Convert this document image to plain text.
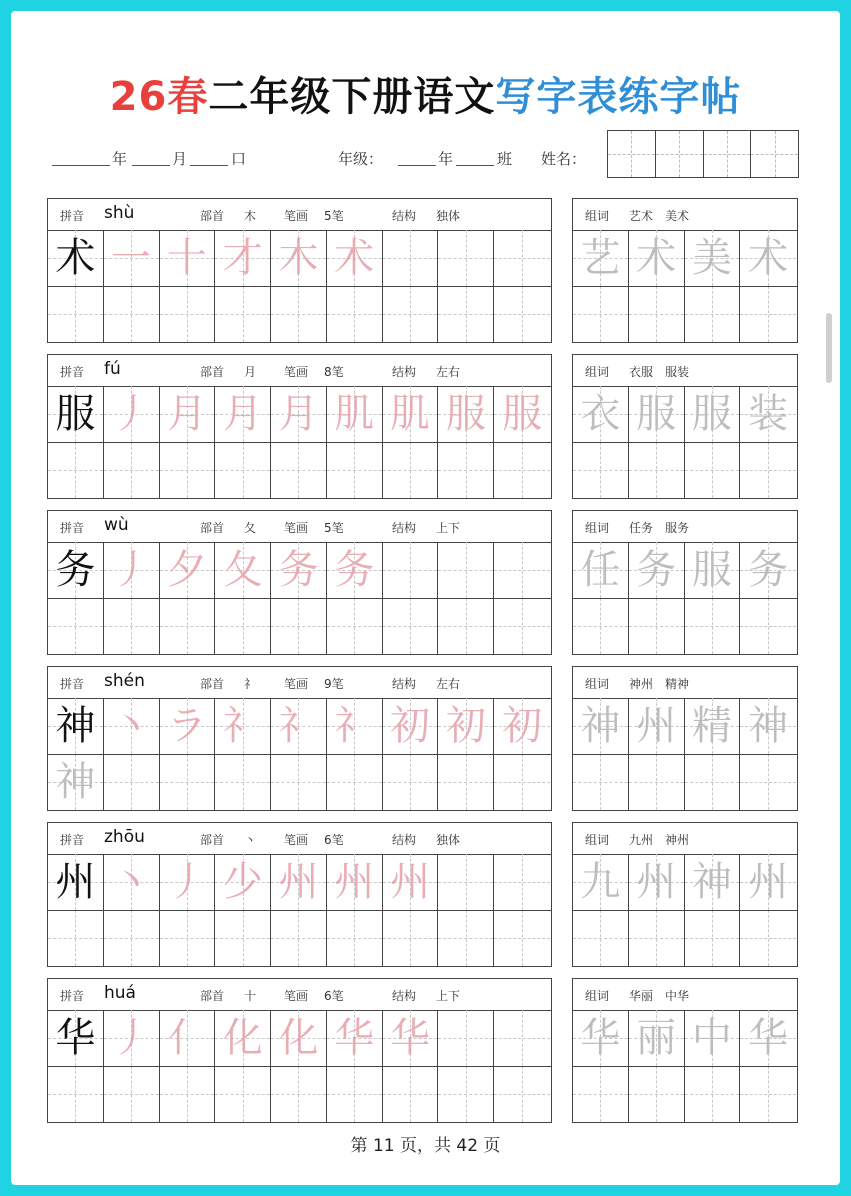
26春二年级下册语文写字表练字帖
年	月	口	年级：	年	班 姓名：
拼音 shù	部首 木 笔画 5笔	结构 独体
术 一 十 才 木 术
组词 艺术　美术
艺 术 美 术
拼音 fú	部首 月 笔画 8笔	结构 左右
服 丿 月 月 月 肌 肌 服 服
组词 衣服　服装
衣 服 服 装
拼音 wù	部首 夂 笔画 5笔	结构 上下
务 丿 夕 夂 务 务
组词 任务　服务
任 务 服 务
拼音 shén	部首 礻 笔画 9笔	结构 左右
神 丶 ラ 礻 礻 礻 初 初 初
神
组词 神州　精神
神 州 精 神
拼音 zhōu	部首 丶 笔画 6笔	结构 独体
州 丶 丿 少 州 州 州
组词 九州　神州
九 州 神 州
拼音 huá	部首 十 笔画 6笔	结构 上下
华 丿 亻 化 化 华 华
组词 华丽　中华
华 丽 中 华
第 11 页，共 42 页
